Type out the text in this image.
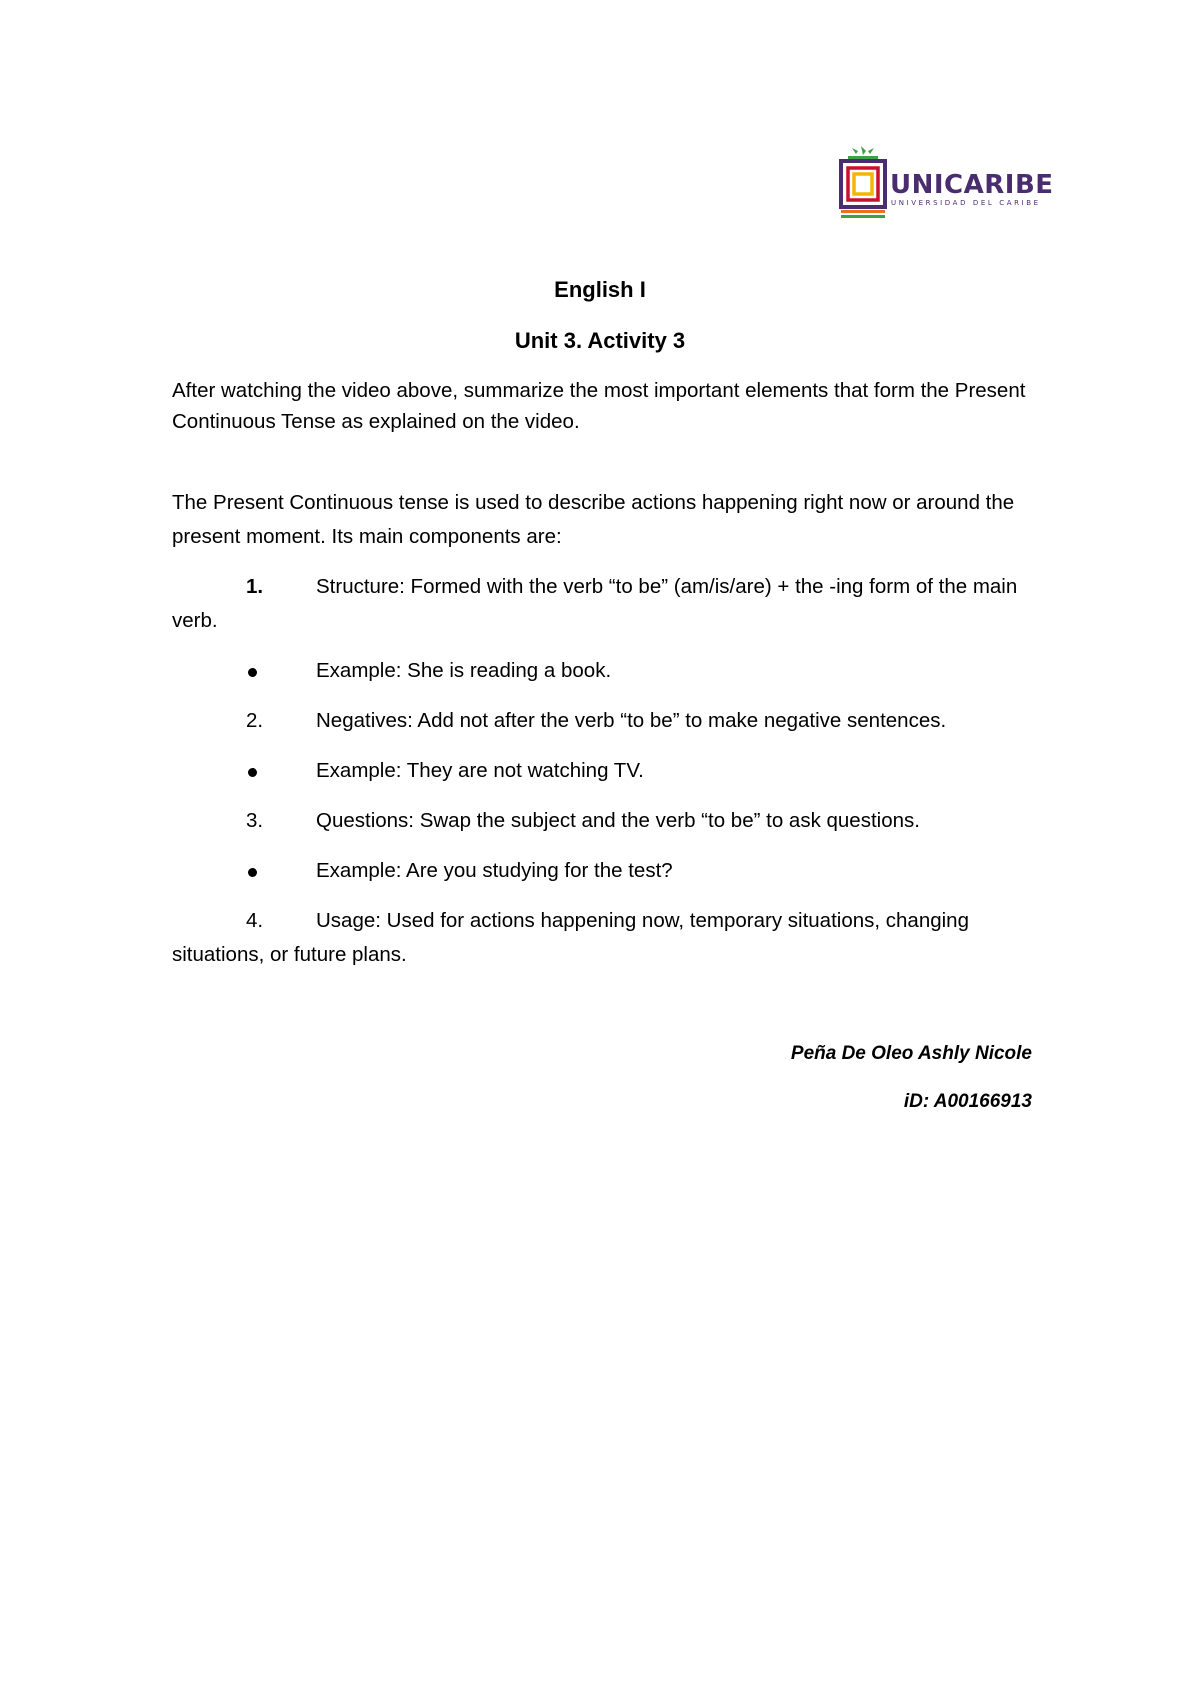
UNICARIBE
UNIVERSIDAD DEL CARIBE
English I
Unit 3. Activity 3
After watching the video above, summarize the most important elements that form the Present Continuous Tense as explained on the video.
The Present Continuous tense is used to describe actions happening right now or around the present moment. Its main components are:
1.	Structure: Formed with the verb “to be” (am/is/are) + the -ing form of the main verb.
Example: She is reading a book.
2.	Negatives: Add not after the verb “to be” to make negative sentences.
Example: They are not watching TV.
3.	Questions: Swap the subject and the verb “to be” to ask questions.
Example: Are you studying for the test?
4.	Usage: Used for actions happening now, temporary situations, changing situations, or future plans.
Peña De Oleo Ashly Nicole
iD: A00166913
